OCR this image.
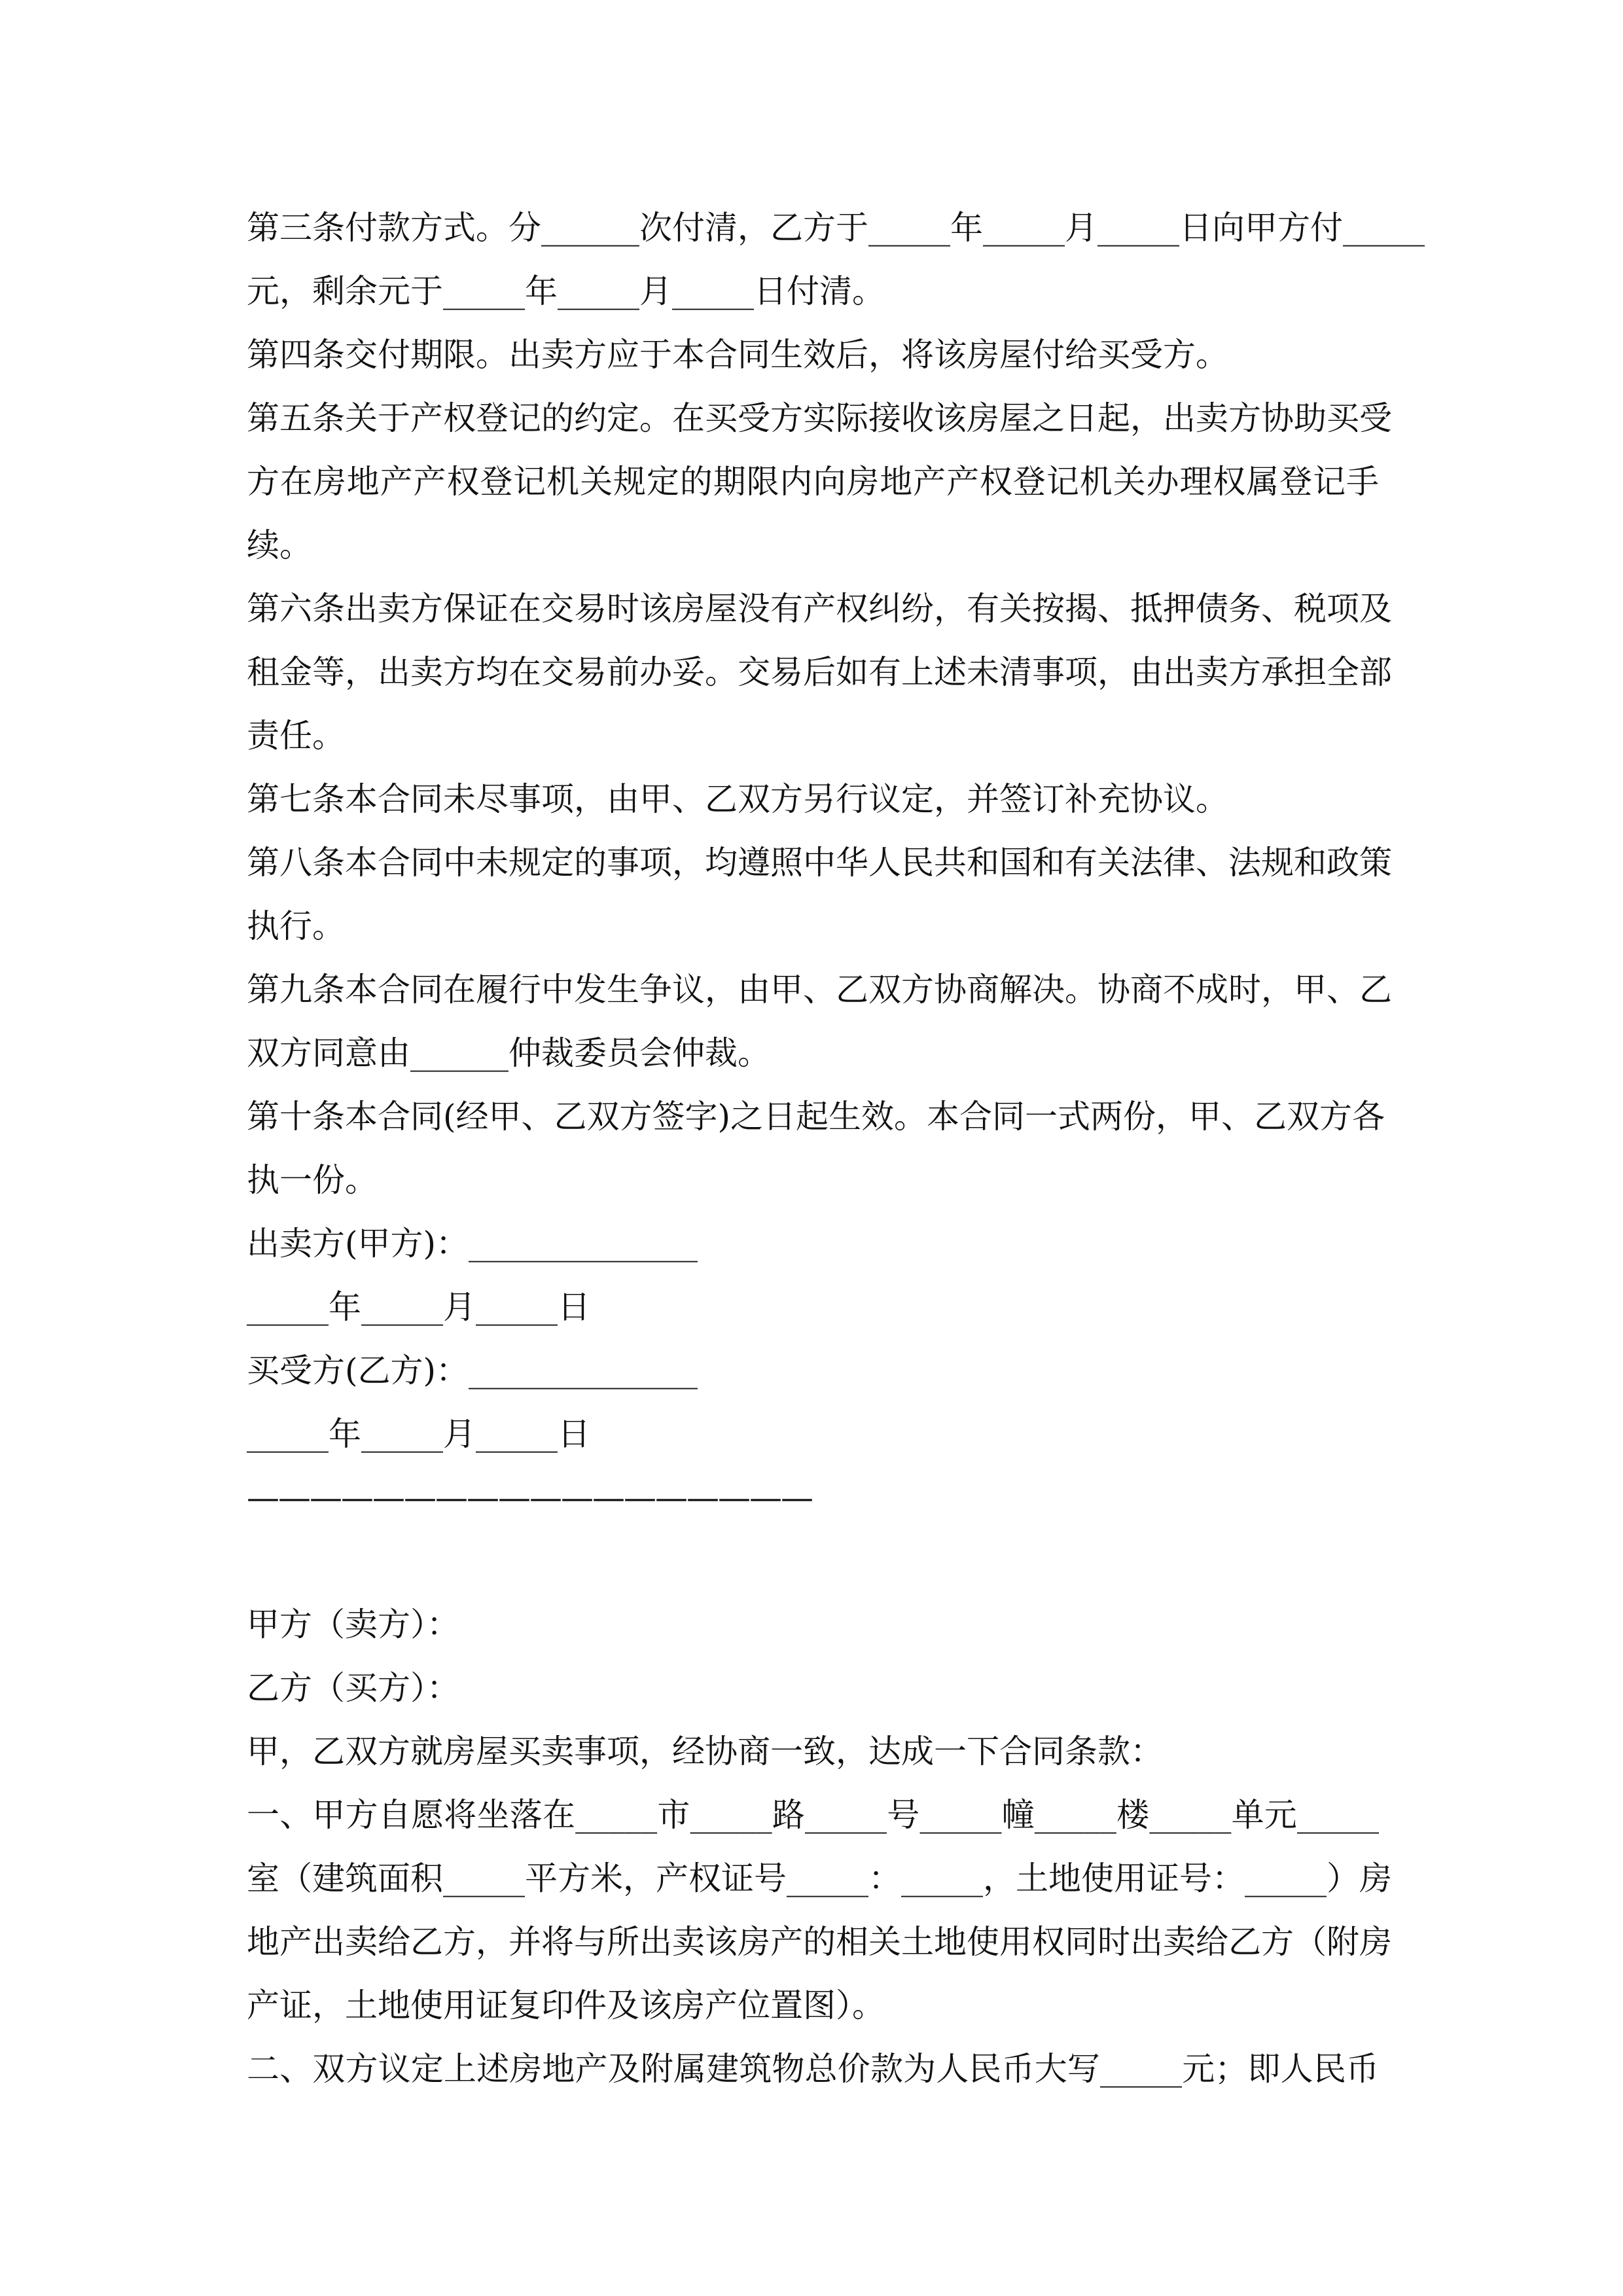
第三条付款方式。分______次付清，乙方于_____年_____月_____日向甲方付_____
元，剩余元于_____年_____月_____日付清。
第四条交付期限。出卖方应于本合同生效后，将该房屋付给买受方。
第五条关于产权登记的约定。在买受方实际接收该房屋之日起，出卖方协助买受
方在房地产产权登记机关规定的期限内向房地产产权登记机关办理权属登记手
续。
第六条出卖方保证在交易时该房屋没有产权纠纷，有关按揭、抵押债务、税项及
租金等，出卖方均在交易前办妥。交易后如有上述未清事项，由出卖方承担全部
责任。
第七条本合同未尽事项，由甲、乙双方另行议定，并签订补充协议。
第八条本合同中未规定的事项，均遵照中华人民共和国和有关法律、法规和政策
执行。
第九条本合同在履行中发生争议，由甲、乙双方协商解决。协商不成时，甲、乙
双方同意由______仲裁委员会仲裁。
第十条本合同(经甲、乙双方签字)之日起生效。本合同一式两份，甲、乙双方各
执一份。
出卖方(甲方)：______________
_____年_____月_____日
买受方(乙方)：______________
_____年_____月_____日
——————————————————
甲方（卖方）：
乙方（买方）：
甲，乙双方就房屋买卖事项，经协商一致，达成一下合同条款：
一、甲方自愿将坐落在_____市_____路_____号_____幢_____楼_____单元_____
室（建筑面积_____平方米，产权证号_____：_____，土地使用证号：_____）房
地产出卖给乙方，并将与所出卖该房产的相关土地使用权同时出卖给乙方（附房
产证，土地使用证复印件及该房产位置图）。
二、双方议定上述房地产及附属建筑物总价款为人民币大写_____元；即人民币
